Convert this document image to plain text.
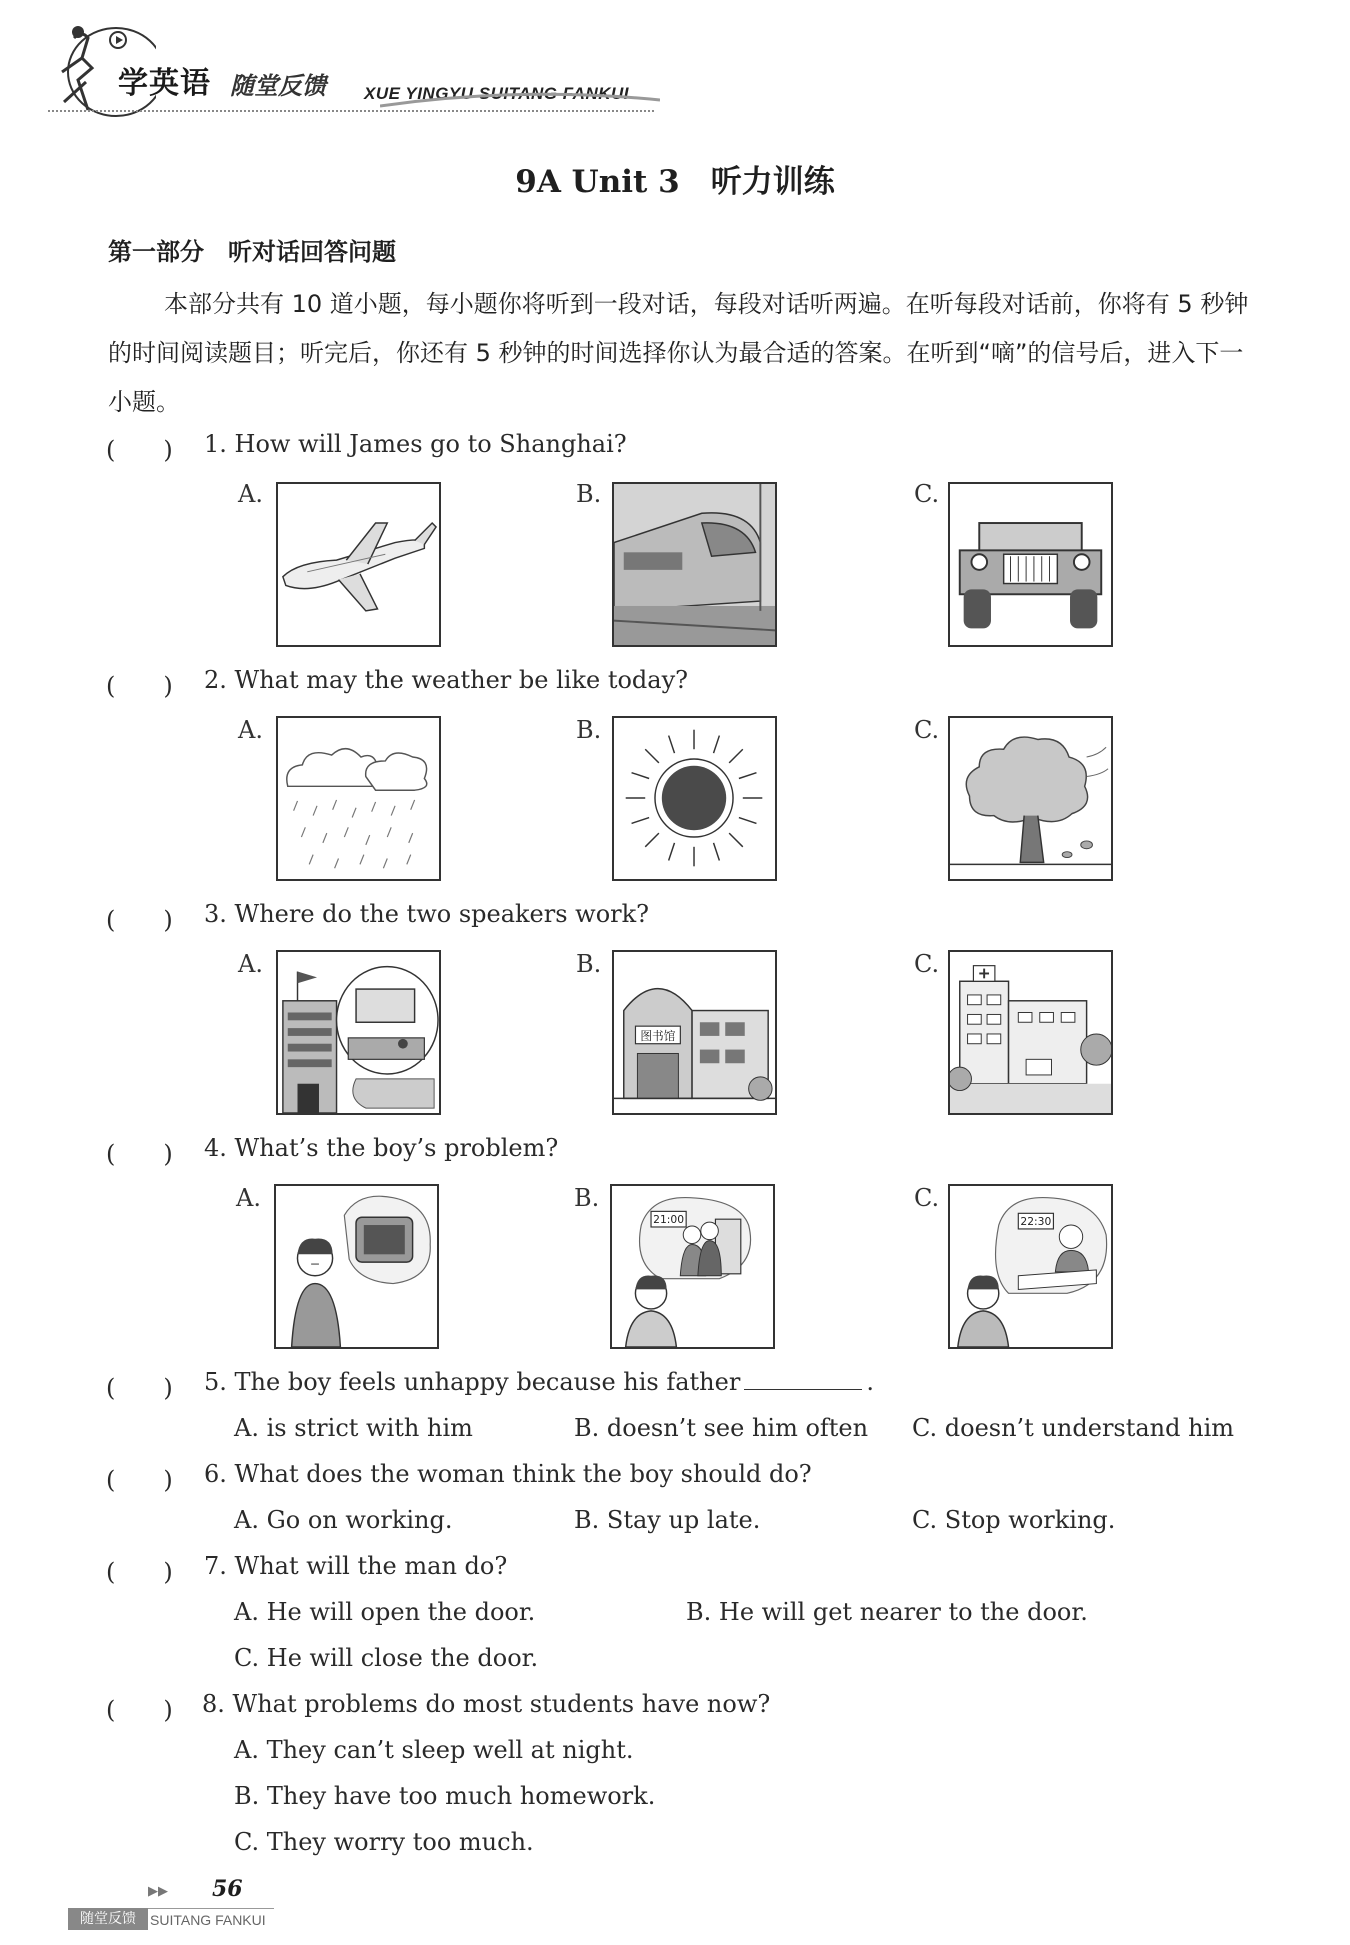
学英语 随堂反馈 XUE YINGYU SUITANG FANKUI
9A Unit 3　听力训练
第一部分　听对话回答问题
本部分共有 10 道小题，每小题你将听到一段对话，每段对话听两遍。在听每段对话前，你将有 5 秒钟的时间阅读题目；听完后，你还有 5 秒钟的时间选择你认为最合适的答案。在听到“嘀”的信号后，进入下一小题。
(　　) 1. How will James go to Shanghai?
A.	B.	C.
(　　) 2. What may the weather be like today?
A.	B.	C.
(　　) 3. Where do the two speakers work?
A.	B.	C.
图书馆
(　　) 4. What’s the boy’s problem?
A.	B.	C.
21:00	22:30
(　　) 5. The boy feels unhappy because his father	.
A. is strict with him	B. doesn’t see him often C. doesn’t understand him
(　　) 6. What does the woman think the boy should do?
A. Go on working.	B. Stay up late.	C. Stop working.
(　　) 7. What will the man do?
A. He will open the door.	B. He will get nearer to the door.
C. He will close the door.
(　　) 8. What problems do most students have now?
A. They can’t sleep well at night.
B. They have too much homework.
C. They worry too much.
▶▶ 56
随堂反馈	SUITANG FANKUI
